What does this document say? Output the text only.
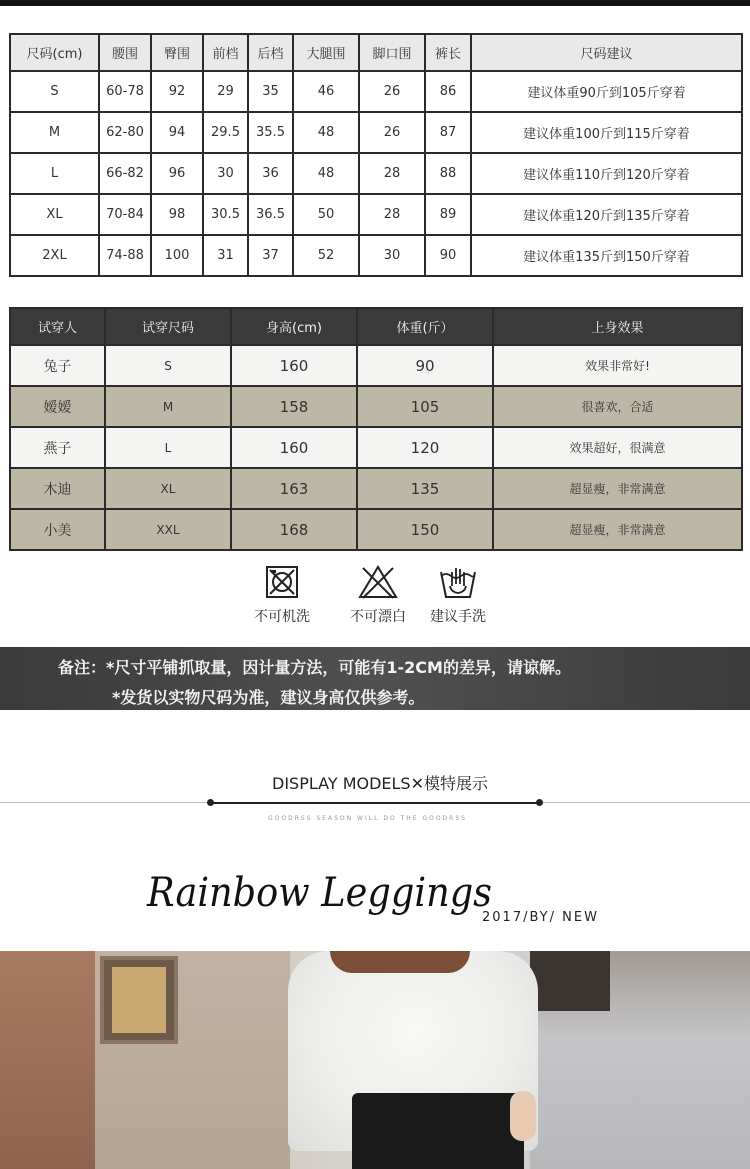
尺码(cm)	腰围	臀围	前档	后档	大腿围	脚口围	裤长	尺码建议
S	60-78	92	29	35	46	26	86	建议体重90斤到105斤穿着
M	62-80	94	29.5	35.5	48	26	87	建议体重100斤到115斤穿着
L	66-82	96	30	36	48	28	88	建议体重110斤到120斤穿着
XL	70-84	98	30.5	36.5	50	28	89	建议体重120斤到135斤穿着
2XL	74-88	100	31	37	52	30	90	建议体重135斤到150斤穿着
试穿人	试穿尺码	身高(cm)	体重(斤）	上身效果
兔子	S	160	90	效果非常好!
嫒嫒	M	158	105	很喜欢，合适
燕子	L	160	120	效果超好，很满意
木迪	XL	163	135	超显瘦，非常满意
小美	XXL	168	150	超显瘦，非常满意
不可机洗	不可漂白	建议手洗
备注：*尺寸平铺抓取量，因计量方法，可能有1-2CM的差异，请谅解。
*发货以实物尺码为准，建议身高仅供参考。
DISPLAY MODELS✕模特展示
GOODRSS SEASON WILL DO THE GOODRSS
Rainbow Leggings
2017/BY/ NEW
